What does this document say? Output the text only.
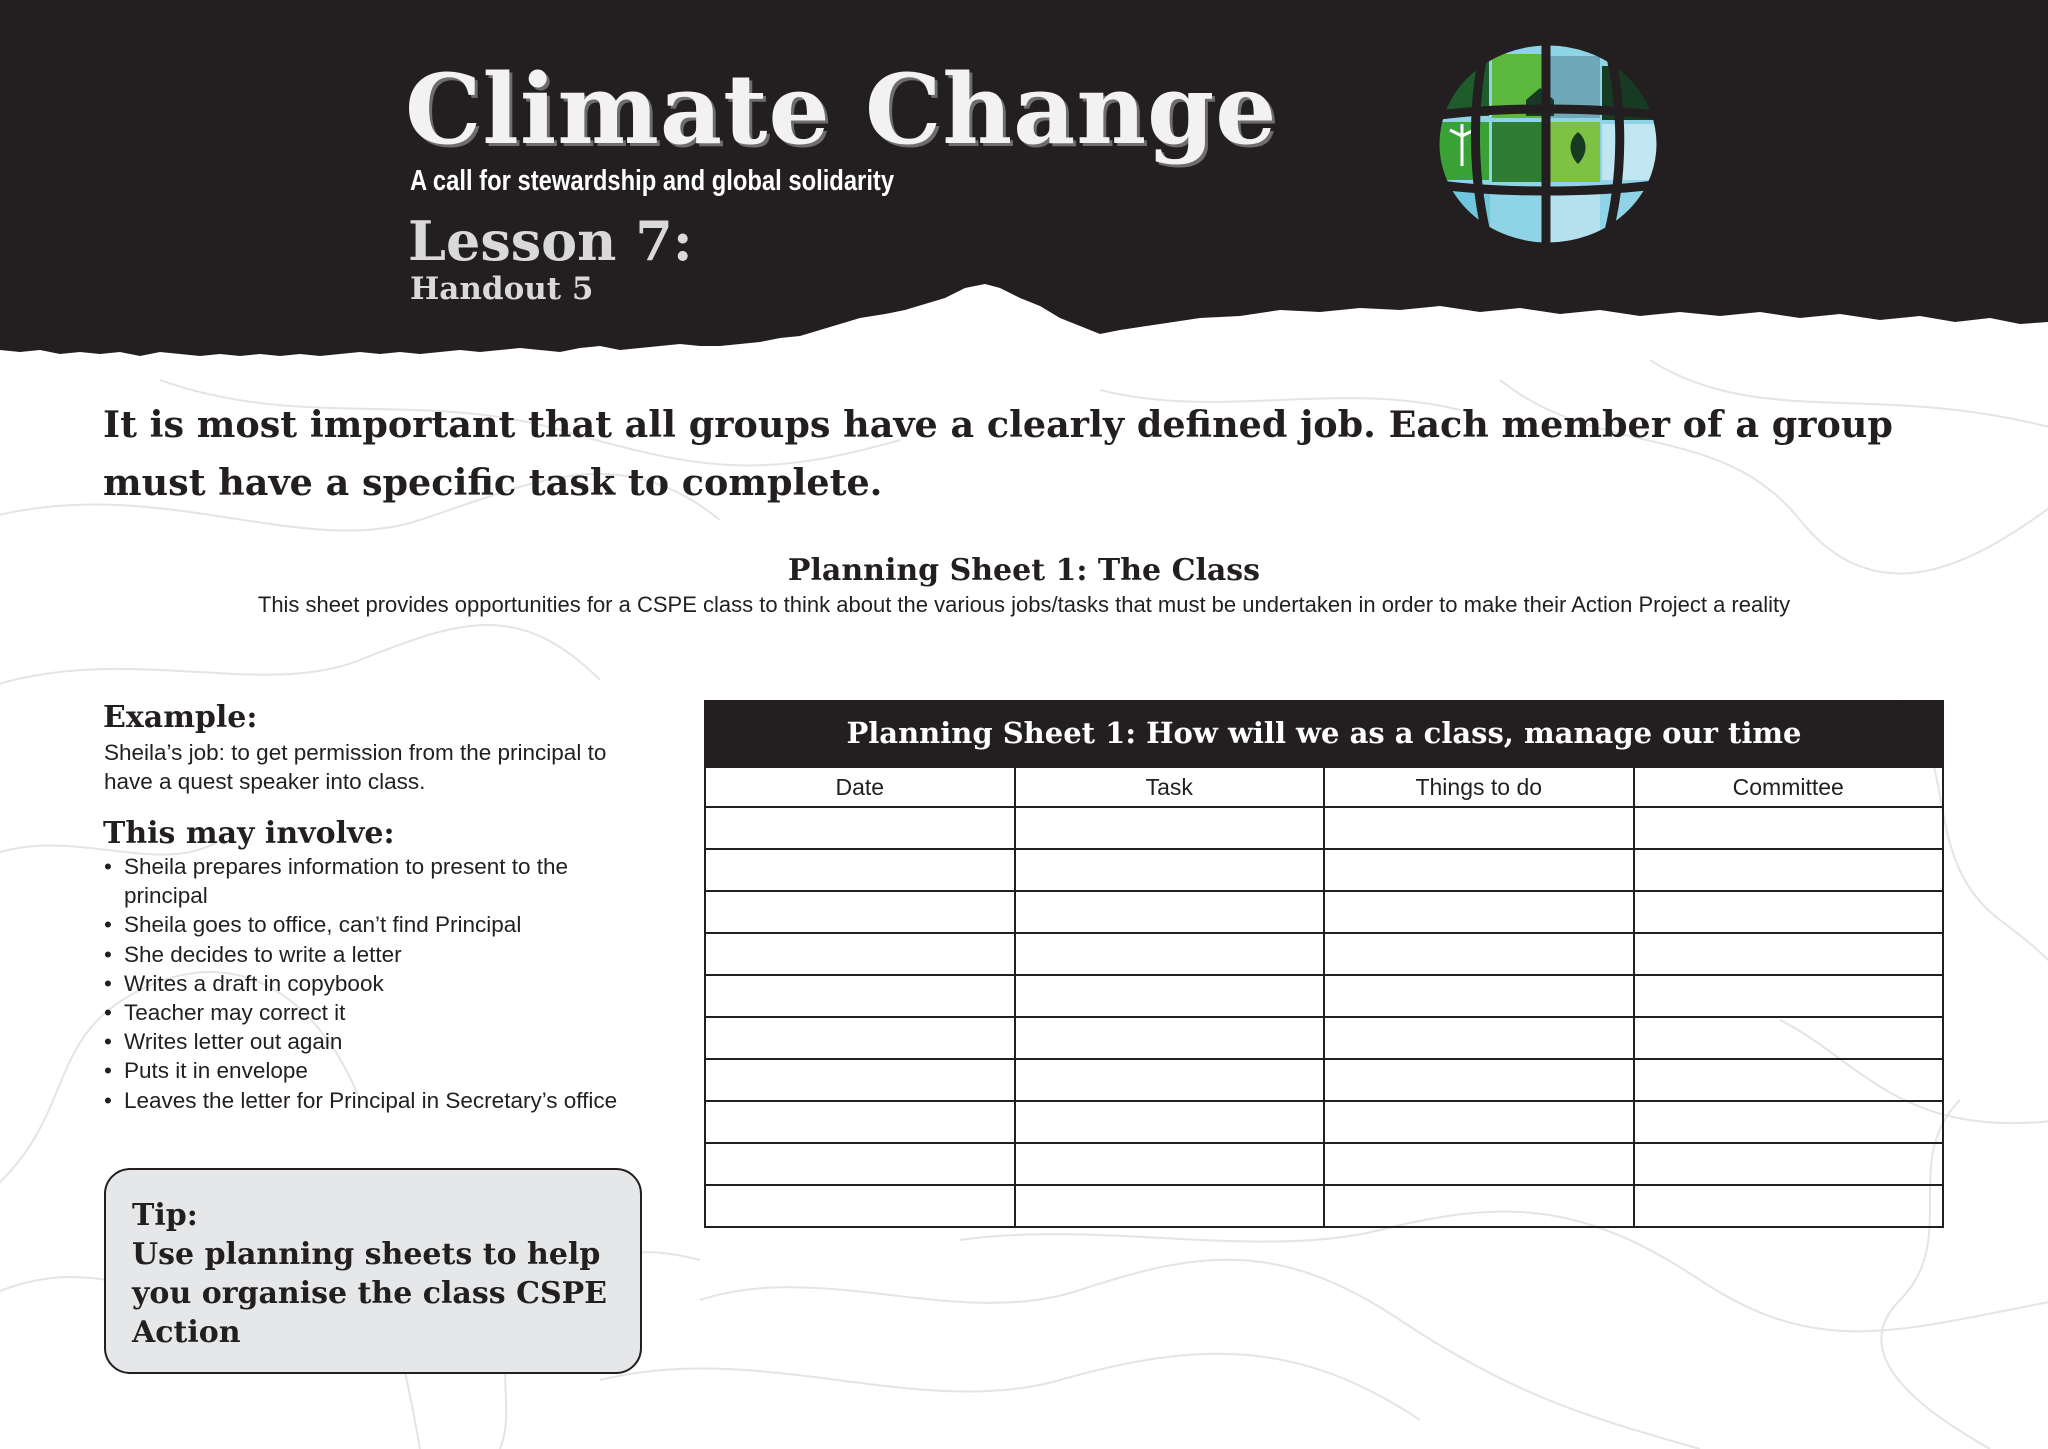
Climate Change
A call for stewardship and global solidarity
Lesson 7:
Handout 5

It is most important that all groups have a clearly defined job. Each member of a group must have a specific task to complete.

Planning Sheet 1: The Class
This sheet provides opportunities for a CSPE class to think about the various jobs/tasks that must be undertaken in order to make their Action Project a reality
Example:
Sheila’s job: to get permission from the principal to have a quest speaker into class.
This may involve:
• Sheila prepares information to present to the principal
• Sheila goes to office, can’t find Principal
• She decides to write a letter
• Writes a draft in copybook
• Teacher may correct it
• Writes letter out again
• Puts it in envelope
• Leaves the letter for Principal in Secretary’s office
Tip:
Use planning sheets to help you organise the class CSPE Action
Planning Sheet 1: How will we as a class, manage our time
Date	Task	Things to do	Committee
